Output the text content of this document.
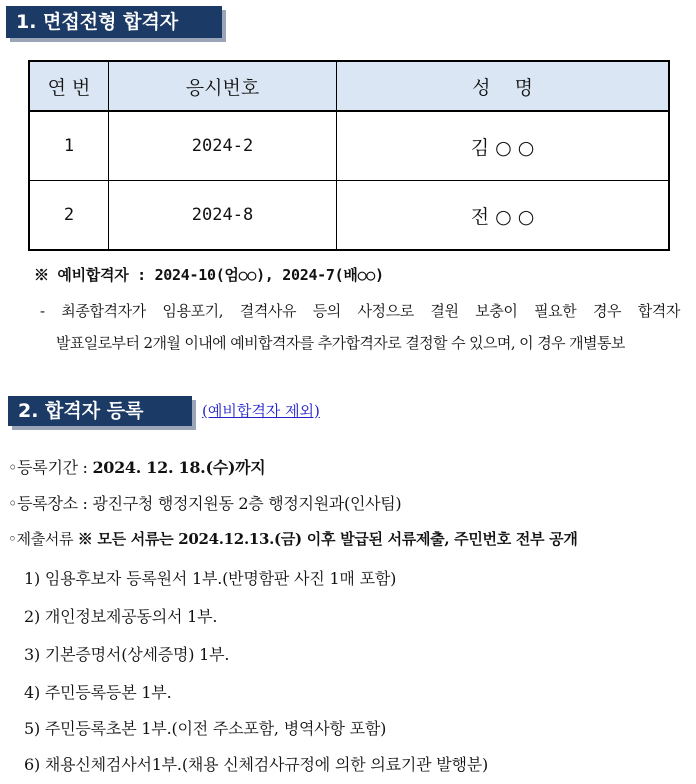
1. 면접전형 합격자
연 번	응시번호	성    명
1	2024-2	김 ○ ○
2	2024-8	전 ○ ○
※ 예비합격자 : 2024-10(엄○○), 2024-7(배○○)
- 최종합격자가 임용포기, 결격사유 등의 사정으로 결원 보충이 필요한 경우 합격자
발표일로부터 2개월 이내에 예비합격자를 추가합격자로 결정할 수 있으며, 이 경우 개별통보
2. 합격자 등록	(예비합격자 제외)
◦등록기간 : 2024. 12. 18.(수)까지
◦등록장소 : 광진구청 행정지원동 2층 행정지원과(인사팀)
◦제출서류 ※ 모든 서류는 2024.12.13.(금) 이후 발급된 서류제출, 주민번호 전부 공개
1) 임용후보자 등록원서 1부.(반명함판 사진 1매 포함)
2) 개인정보제공동의서 1부.
3) 기본증명서(상세증명) 1부.
4) 주민등록등본 1부.
5) 주민등록초본 1부.(이전 주소포함, 병역사항 포함)
6) 채용신체검사서1부.(채용 신체검사규정에 의한 의료기관 발행분)
